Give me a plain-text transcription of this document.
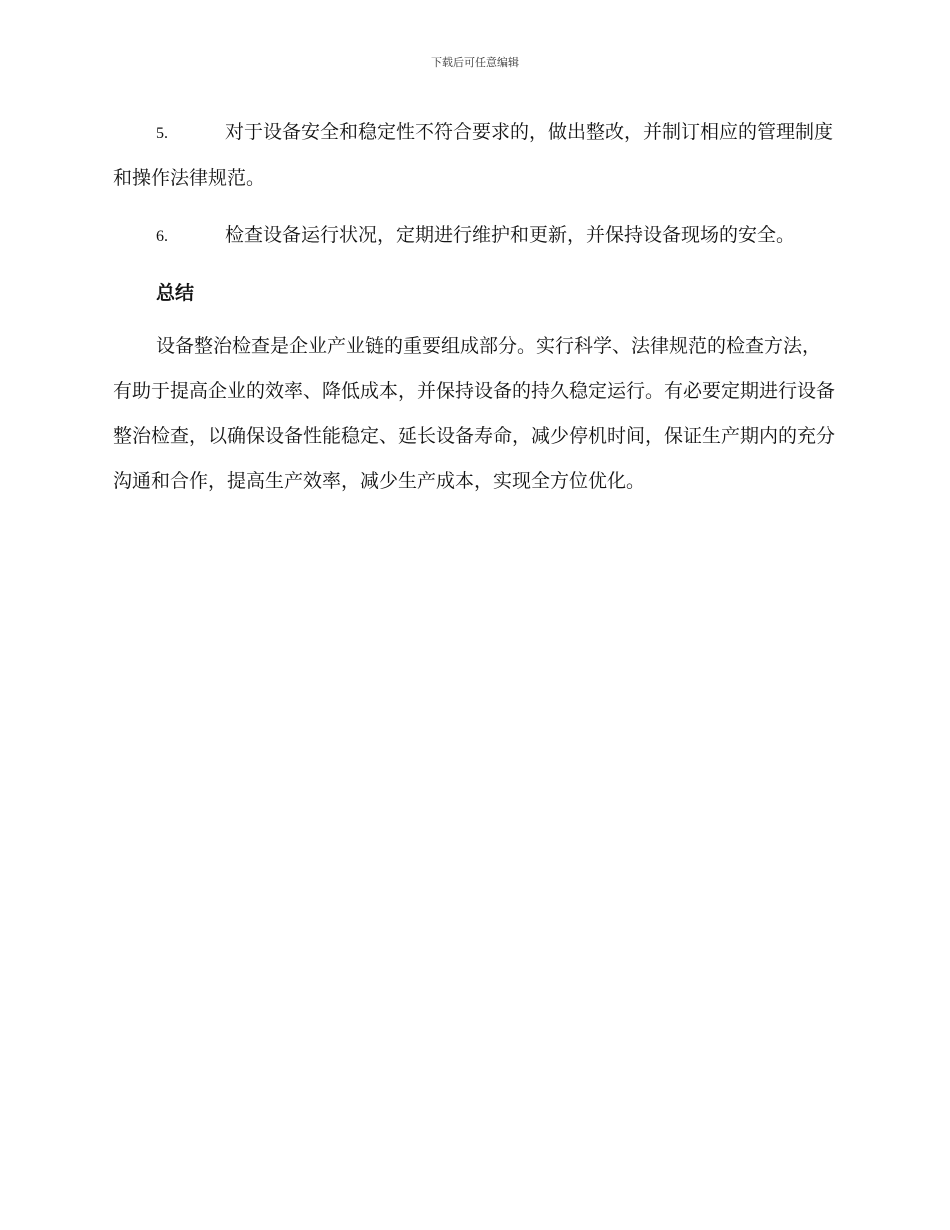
下载后可任意编辑

5.	对于设备安全和稳定性不符合要求的，做出整改，并制订相应的管理制度和操作法律规范。

6.	检查设备运行状况，定期进行维护和更新，并保持设备现场的安全。

总结

设备整治检查是企业产业链的重要组成部分。实行科学、法律规范的检查方法，有助于提高企业的效率、降低成本，并保持设备的持久稳定运行。有必要定期进行设备整治检查，以确保设备性能稳定、延长设备寿命，减少停机时间，保证生产期内的充分沟通和合作，提高生产效率，减少生产成本，实现全方位优化。
